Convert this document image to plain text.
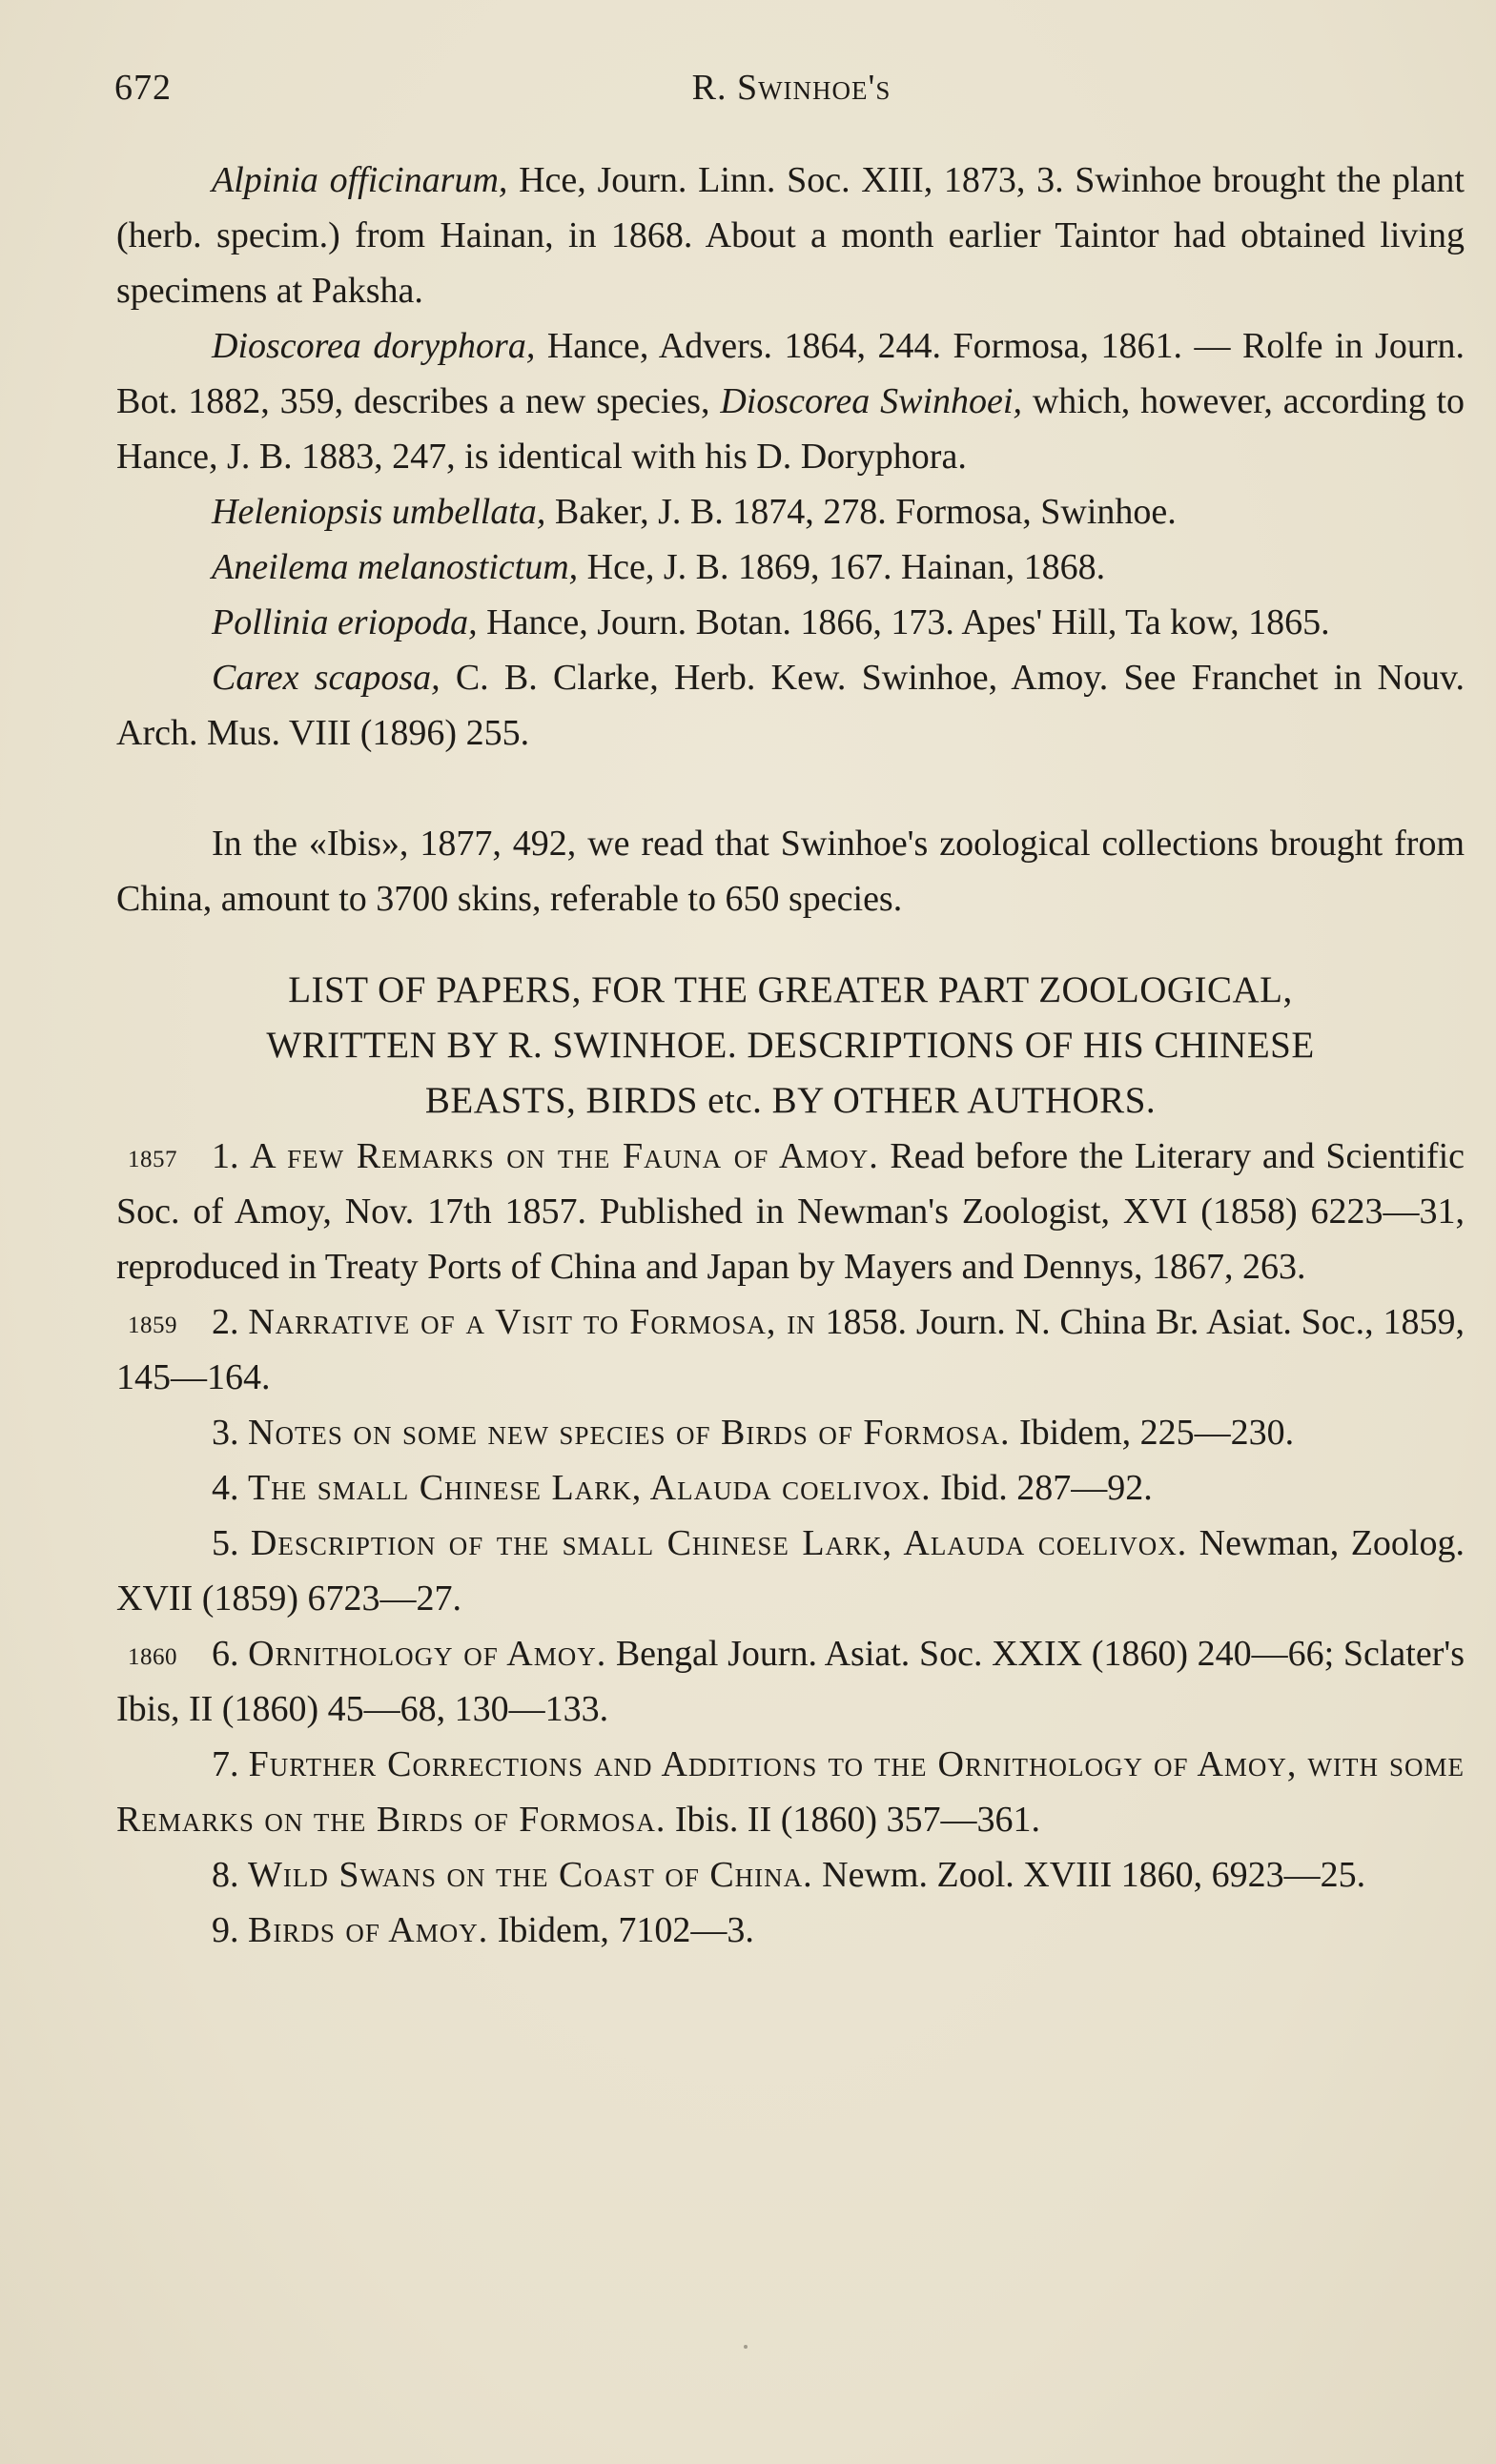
672	R. Swinhoe's

Alpinia officinarum, Hce, Journ. Linn. Soc. XIII, 1873, 3. Swinhoe brought the plant (herb. specim.) from Hainan, in 1868. About a month earlier Taintor had obtained living specimens at Paksha.

Dioscorea doryphora, Hance, Advers. 1864, 244. Formosa, 1861. — Rolfe in Journ. Bot. 1882, 359, describes a new species, Dioscorea Swinhoei, which, however, according to Hance, J. B. 1883, 247, is identical with his D. Doryphora.

Heleniopsis umbellata, Baker, J. B. 1874, 278. Formosa, Swinhoe.

Aneilema melanostictum, Hce, J. B. 1869, 167. Hainan, 1868.

Pollinia eriopoda, Hance, Journ. Botan. 1866, 173. Apes' Hill, Ta kow, 1865.

Carex scaposa, C. B. Clarke, Herb. Kew. Swinhoe, Amoy. See Franchet in Nouv. Arch. Mus. VIII (1896) 255.

In the «Ibis», 1877, 492, we read that Swinhoe's zoological collections brought from China, amount to 3700 skins, referable to 650 species.

LIST OF PAPERS, FOR THE GREATER PART ZOOLOGICAL,
WRITTEN BY R. SWINHOE. DESCRIPTIONS OF HIS CHINESE
BEASTS, BIRDS etc. BY OTHER AUTHORS.

1857 1. A few Remarks on the Fauna of Amoy. Read before the Literary and Scientific Soc. of Amoy, Nov. 17th 1857. Published in Newman's Zoologist, XVI (1858) 6223—31, reproduced in Treaty Ports of China and Japan by Mayers and Dennys, 1867, 263.

1859 2. Narrative of a Visit to Formosa, in 1858. Journ. N. China Br. Asiat. Soc., 1859, 145—164.

3. Notes on some new species of Birds of Formosa. Ibidem, 225—230.

4. The small Chinese Lark, Alauda coelivox. Ibid. 287—92.

5. Description of the small Chinese Lark, Alauda coelivox. Newman, Zoolog. XVII (1859) 6723—27.

1860 6. Ornithology of Amoy. Bengal Journ. Asiat. Soc. XXIX (1860) 240—66; Sclater's Ibis, II (1860) 45—68, 130—133.

7. Further Corrections and Additions to the Ornithology of Amoy, with some Remarks on the Birds of Formosa. Ibis. II (1860) 357—361.

8. Wild Swans on the Coast of China. Newm. Zool. XVIII 1860, 6923—25.

9. Birds of Amoy. Ibidem, 7102—3.
